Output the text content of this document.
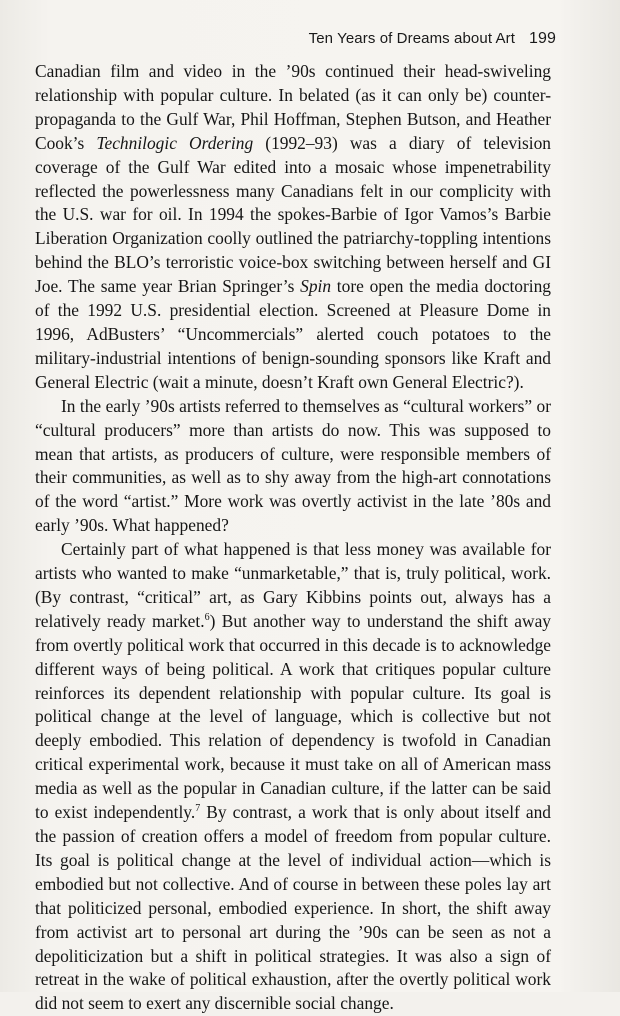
Ten Years of Dreams about Art 199

Canadian film and video in the ’90s continued their head-swiveling relationship with popular culture. In belated (as it can only be) counter-propaganda to the Gulf War, Phil Hoffman, Stephen Butson, and Heather Cook’s Technilogic Ordering (1992–93) was a diary of television coverage of the Gulf War edited into a mosaic whose impenetrability reflected the powerlessness many Canadians felt in our complicity with the U.S. war for oil. In 1994 the spokes-Barbie of Igor Vamos’s Barbie Liberation Organization coolly outlined the patriarchy-toppling intentions behind the BLO’s terroristic voice-box switching between herself and GI Joe. The same year Brian Springer’s Spin tore open the media doctoring of the 1992 U.S. presidential election. Screened at Pleasure Dome in 1996, AdBusters’ “Uncommercials” alerted couch potatoes to the military-industrial intentions of benign-sounding sponsors like Kraft and General Electric (wait a minute, doesn’t Kraft own General Electric?).

In the early ’90s artists referred to themselves as “cultural workers” or “cultural producers” more than artists do now. This was supposed to mean that artists, as producers of culture, were responsible members of their communities, as well as to shy away from the high-art connotations of the word “artist.” More work was overtly activist in the late ’80s and early ’90s. What happened?

Certainly part of what happened is that less money was available for artists who wanted to make “unmarketable,” that is, truly political, work. (By contrast, “critical” art, as Gary Kibbins points out, always has a relatively ready market.$^6$) But another way to understand the shift away from overtly political work that occurred in this decade is to acknowledge different ways of being political. A work that critiques popular culture reinforces its dependent relationship with popular culture. Its goal is political change at the level of language, which is collective but not deeply embodied. This relation of dependency is twofold in Canadian critical experimental work, because it must take on all of American mass media as well as the popular in Canadian culture, if the latter can be said to exist independently.$^7$ By contrast, a work that is only about itself and the passion of creation offers a model of freedom from popular culture. Its goal is political change at the level of individual action—which is embodied but not collective. And of course in between these poles lay art that politicized personal, embodied experience. In short, the shift away from activist art to personal art during the ’90s can be seen as not a depoliticization but a shift in political strategies. It was also a sign of retreat in the wake of political exhaustion, after the overtly political work did not seem to exert any discernible social change.
